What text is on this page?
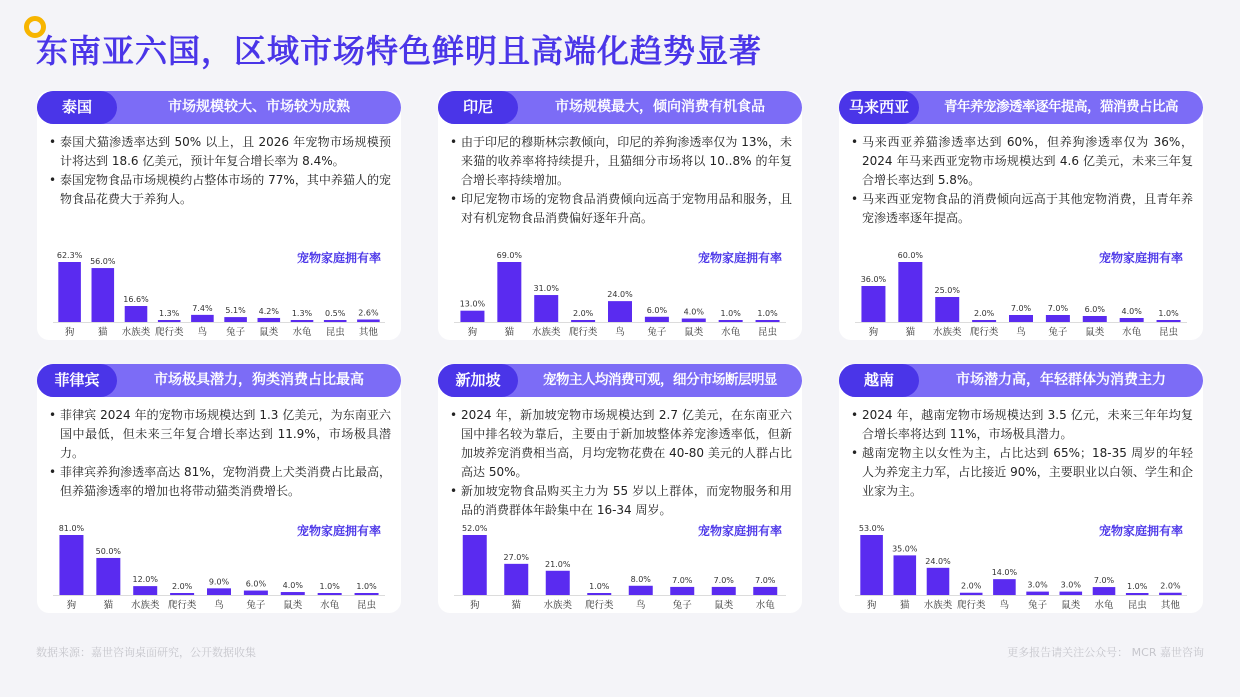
东南亚六国，区域市场特色鲜明且高端化趋势显著
泰国	市场规模较大、市场较为成熟
• 泰国犬猫渗透率达到 50% 以上，且 2026 年宠物市场规模预计将达到 18.6 亿美元，预计年复合增长率为 8.4%。
• 泰国宠物食品市场规模约占整体市场的 77%，其中养猫人的宠物食品花费大于养狗人。
宠物家庭拥有率
62.3%
狗
56.0%
猫
16.6%
水族类
1.3%
爬行类
7.4%
鸟
5.1%
兔子
4.2%
鼠类
1.3%
水龟
0.5%
昆虫
2.6%
其他
印尼	市场规模最大，倾向消费有机食品
• 由于印尼的穆斯林宗教倾向，印尼的养狗渗透率仅为 13%，未来猫的收养率将持续提升，且猫细分市场将以 10..8% 的年复合增长率持续增加。
• 印尼宠物市场的宠物食品消费倾向远高于宠物用品和服务，且对有机宠物食品消费偏好逐年升高。
宠物家庭拥有率
13.0%
狗
69.0%
猫
31.0%
水族类
2.0%
爬行类
24.0%
鸟
6.0%
兔子
4.0%
鼠类
1.0%
水龟
1.0%
昆虫
马来西亚	青年养宠渗透率逐年提高，猫消费占比高
• 马来西亚养猫渗透率达到 60%，但养狗渗透率仅为 36%，2024 年马来西亚宠物市场规模达到 4.6 亿美元，未来三年复合增长率达到 5.8%。
• 马来西亚宠物食品的消费倾向远高于其他宠物消费，且青年养宠渗透率逐年提高。
宠物家庭拥有率
36.0%
狗
60.0%
猫
25.0%
水族类
2.0%
爬行类
7.0%
鸟
7.0%
兔子
6.0%
鼠类
4.0%
水龟
1.0%
昆虫
菲律宾	市场极具潜力，狗类消费占比最高
• 菲律宾 2024 年的宠物市场规模达到 1.3 亿美元，为东南亚六国中最低，但未来三年复合增长率达到 11.9%，市场极具潜力。
• 菲律宾养狗渗透率高达 81%，宠物消费上犬类消费占比最高，但养猫渗透率的增加也将带动猫类消费增长。
宠物家庭拥有率
81.0%
狗
50.0%
猫
12.0%
水族类
2.0%
爬行类
9.0%
鸟
6.0%
兔子
4.0%
鼠类
1.0%
水龟
1.0%
昆虫
新加坡	宠物主人均消费可观，细分市场断层明显
• 2024 年，新加坡宠物市场规模达到 2.7 亿美元，在东南亚六国中排名较为靠后，主要由于新加坡整体养宠渗透率低，但新加坡养宠消费相当高，月均宠物花费在 40-80 美元的人群占比高达 50%。
• 新加坡宠物食品购买主力为 55 岁以上群体，而宠物服务和用品的消费群体年龄集中在 16-34 周岁。
宠物家庭拥有率
52.0%
狗
27.0%
猫
21.0%
水族类
1.0%
爬行类
8.0%
鸟
7.0%
兔子
7.0%
鼠类
7.0%
水龟
越南	市场潜力高，年轻群体为消费主力
• 2024 年，越南宠物市场规模达到 3.5 亿元，未来三年年均复合增长率将达到 11%，市场极具潜力。
• 越南宠物主以女性为主，占比达到 65%；18-35 周岁的年轻人为养宠主力军，占比接近 90%，主要职业以白领、学生和企业家为主。
宠物家庭拥有率
53.0%
狗
35.0%
猫
24.0%
水族类
2.0%
爬行类
14.0%
鸟
3.0%
兔子
3.0%
鼠类
7.0%
水龟
1.0%
昆虫
2.0%
其他
数据来源：嘉世咨询桌面研究，公开数据收集	更多报告请关注公众号： MCR 嘉世咨询
